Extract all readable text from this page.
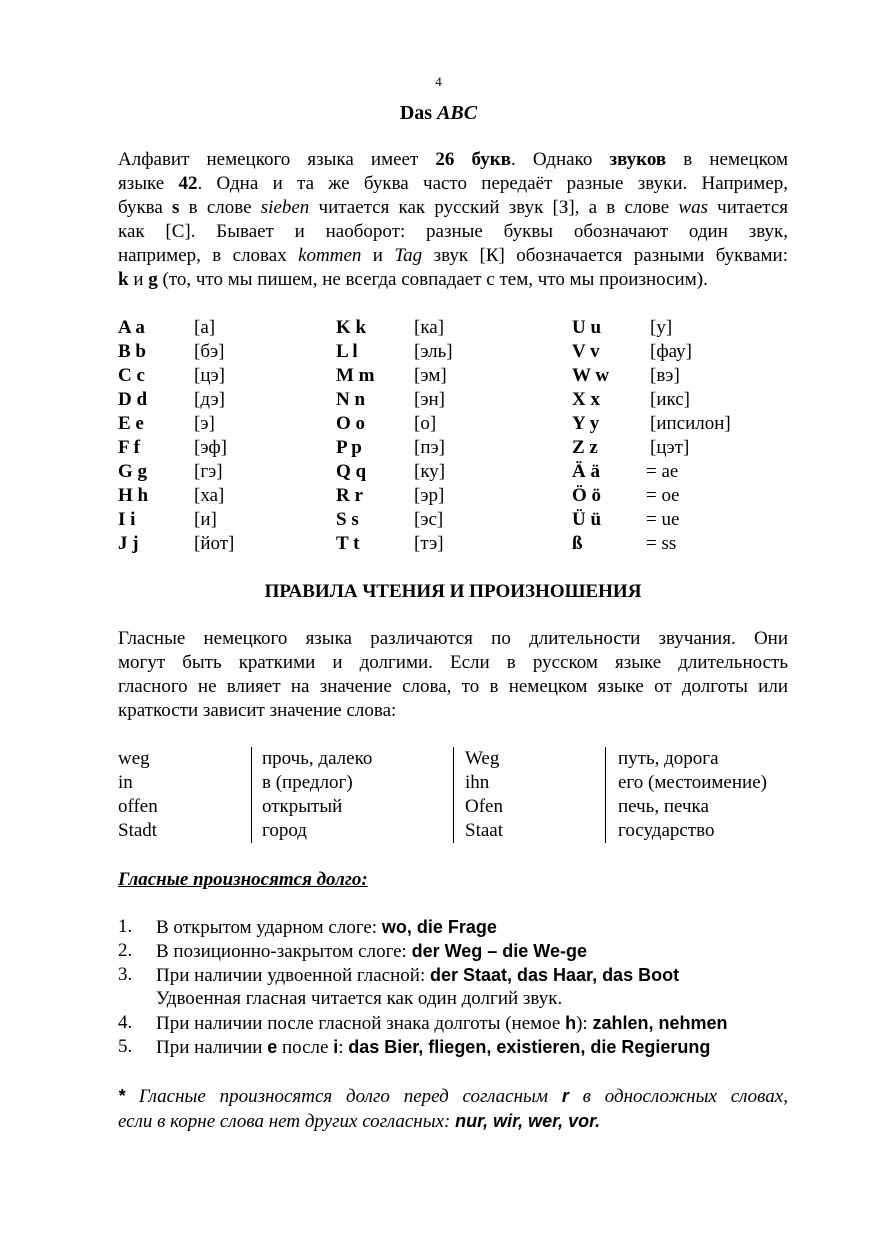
4
Das ABC
Алфавит немецкого языка имеет 26 букв. Однако звуков в немецком
языке 42. Одна и та же буква часто передаёт разные звуки. Например,
буква s в слове sieben читается как русский звук [З], а в слове was читается
как [С]. Бывает и наоборот: разные буквы обозначают один звук,
например, в словах kommen и Tag звук [К] обозначается разными буквами:
k и g (то, что мы пишем, не всегда совпадает с тем, что мы произносим).
A a	[а]	K k	[ка]	U u	[у]
B b	[бэ]	L l	[эль]	V v	[фау]
C c	[цэ]	M m [эм]	W w [вэ]
D d [дэ]	N n	[эн]	X x	[икс]
E e	[э]	O o	[о]	Y y	[ипсилон]
F f	[эф]	P p	[пэ]	Z z	[цэт]
G g [гэ]	Q q	[ку]	Ä ä = ae
H h [ха]	R r	[эр]	Ö ö = oe
I i	[и]	S s	[эс]	Ü ü = ue
J j	[йот]	T t	[тэ]	ß	= ss
ПРАВИЛА ЧТЕНИЯ И ПРОИЗНОШЕНИЯ
Гласные немецкого языка различаются по длительности звучания. Они
могут быть краткими и долгими. Если в русском языке длительность
гласного не влияет на значение слова, то в немецком языке от долготы или
краткости зависит значение слова:
weg	прочь, далеко	Weg	путь, дорога
in	в (предлог)	ihn	его (местоимение)
offen	открытый	Ofen	печь, печка
Stadt	город	Staat	государство
Гласные произносятся долго:
1. В открытом ударном слоге: wo, die Frage
2. В позиционно-закрытом слоге: der Weg – die We-ge
3. При наличии удвоенной гласной: der Staat, das Haar, das Boot
Удвоенная гласная читается как один долгий звук.
4. При наличии после гласной знака долготы (немое h): zahlen, nehmen
5. При наличии e после i: das Bier, fliegen, existieren, die Regierung
* Гласные произносятся долго перед согласным r в односложных словах,
если в корне слова нет других согласных: nur, wir, wer, vor.
